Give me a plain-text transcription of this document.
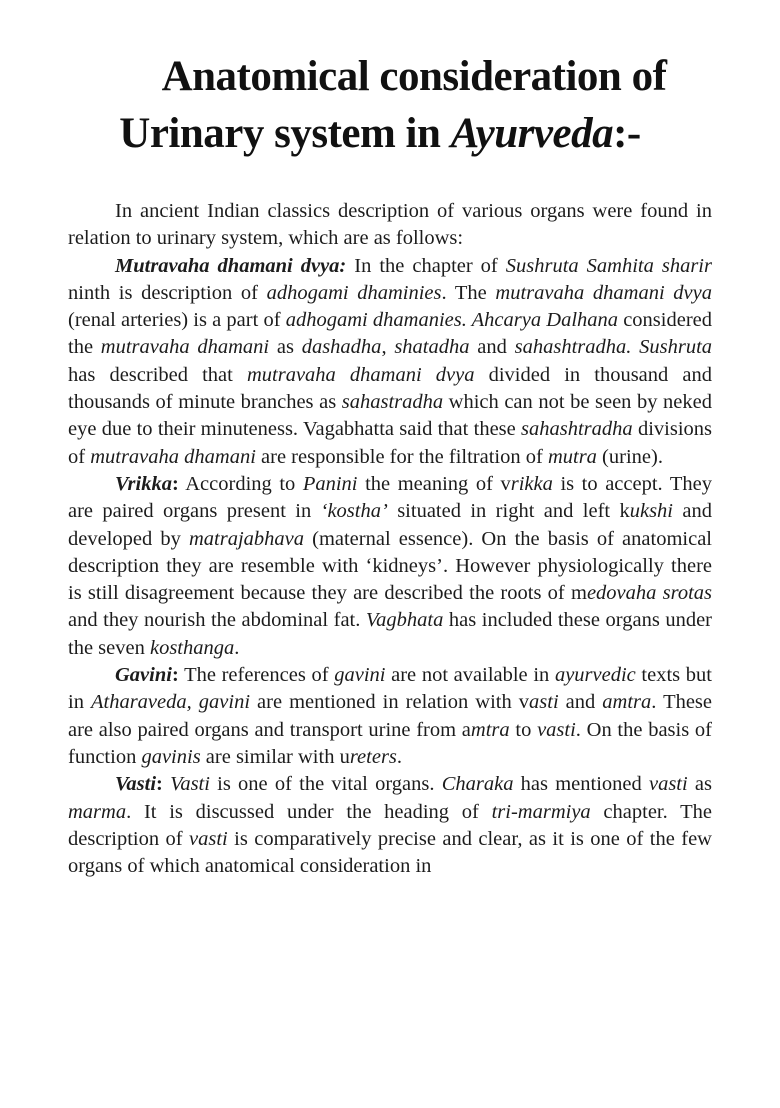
Anatomical consideration of
Urinary system in Ayurveda:-

In ancient Indian classics description of various organs were found in relation to urinary system, which are as follows:

Mutravaha dhamani dvya: In the chapter of Sushruta Samhita sharir ninth is description of adhogami dhaminies. The mutravaha dhamani dvya (renal arteries) is a part of adhogami dhamanies. Ahcarya Dalhana considered the mutravaha dhamani as dashadha, shatadha and sahashtradha. Sushruta has described that mutravaha dhamani dvya divided in thousand and thousands of minute branches as sahastradha which can not be seen by neked eye due to their minuteness. Vagabhatta said that these sahashtradha divisions of mutravaha dhamani are responsible for the filtration of mutra (urine).

Vrikka: According to Panini the meaning of vrikka is to accept. They are paired organs present in ‘kostha’ situated in right and left kukshi and developed by matrajabhava (maternal essence). On the basis of anatomical description they are resemble with ‘kidneys’. However physiologically there is still disagreement because they are described the roots of medovaha srotas and they nourish the abdominal fat. Vagbhata has included these organs under the seven kosthanga.

Gavini: The references of gavini are not available in ayurvedic texts but in Atharaveda, gavini are mentioned in relation with vasti and amtra. These are also paired organs and transport urine from amtra to vasti. On the basis of function gavinis are similar with ureters.

Vasti: Vasti is one of the vital organs. Charaka has mentioned vasti as marma. It is discussed under the heading of tri-marmiya chapter. The description of vasti is comparatively precise and clear, as it is one of the few organs of which anatomical consideration in
